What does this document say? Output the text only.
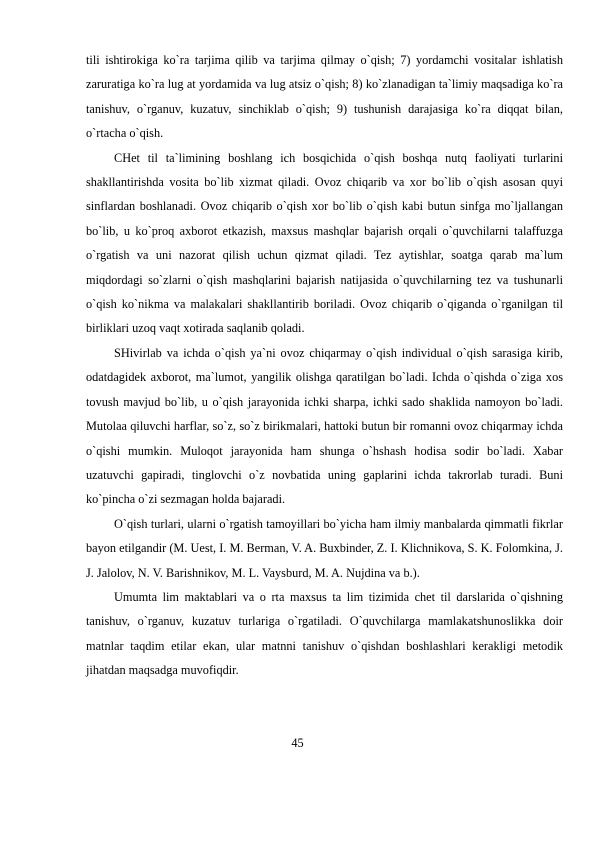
tili ishtirokiga ko`ra tarjima qilib va tarjima qilmay o`qish; 7) yordamchi vositalar ishlatish zaruratiga ko`ra lug at yordamida va lug atsiz o`qish; 8) ko`zlanadigan ta`limiy maqsadiga ko`ra tanishuv, o`rganuv, kuzatuv, sinchiklab o`qish; 9) tushunish darajasiga ko`ra diqqat bilan, o`rtacha o`qish.

CHet til ta`limining boshlang ich bosqichida o`qish boshqa nutq faoliyati turlarini shakllantirishda vosita bo`lib xizmat qiladi. Ovoz chiqarib va xor bo`lib o`qish asosan quyi sinflardan boshlanadi. Ovoz chiqarib o`qish xor bo`lib o`qish kabi butun sinfga mo`ljallangan bo`lib, u ko`proq axborot etkazish, maxsus mashqlar bajarish orqali o`quvchilarni talaffuzga o`rgatish va uni nazorat qilish uchun qizmat qiladi. Tez aytishlar, soatga qarab ma`lum miqdordagi so`zlarni o`qish mashqlarini bajarish natijasida o`quvchilarning tez va tushunarli o`qish ko`nikma va malakalari shakllantirib boriladi. Ovoz chiqarib o`qiganda o`rganilgan til birliklari uzoq vaqt xotirada saqlanib qoladi.

SHivirlab va ichda o`qish ya`ni ovoz chiqarmay o`qish individual o`qish sarasiga kirib, odatdagidek axborot, ma`lumot, yangilik olishga qaratilgan bo`ladi. Ichda o`qishda o`ziga xos tovush mavjud bo`lib, u o`qish jarayonida ichki sharpa, ichki sado shaklida namoyon bo`ladi. Mutolaa qiluvchi harflar, so`z, so`z birikmalari, hattoki butun bir romanni ovoz chiqarmay ichda o`qishi mumkin. Muloqot jarayonida ham shunga o`hshash hodisa sodir bo`ladi. Xabar uzatuvchi gapiradi, tinglovchi o`z novbatida uning gaplarini ichda takrorlab turadi. Buni ko`pincha o`zi sezmagan holda bajaradi.

O`qish turlari, ularni o`rgatish tamoyillari bo`yicha ham ilmiy manbalarda qimmatli fikrlar bayon etilgandir (M. Uest, I. M. Berman, V. A. Buxbinder, Z. I. Klichnikova, S. K. Folomkina, J. J. Jalolov, N. V. Barishnikov, M. L. Vaysburd, M. A. Nujdina va b.).

Umumta lim maktablari va o rta maxsus ta lim tizimida chet til darslarida o`qishning tanishuv, o`rganuv, kuzatuv turlariga o`rgatiladi. O`quvchilarga mamlakatshunoslikka doir matnlar taqdim etilar ekan, ular matnni tanishuv o`qishdan boshlashlari kerakligi metodik jihatdan maqsadga muvofiqdir.

45
